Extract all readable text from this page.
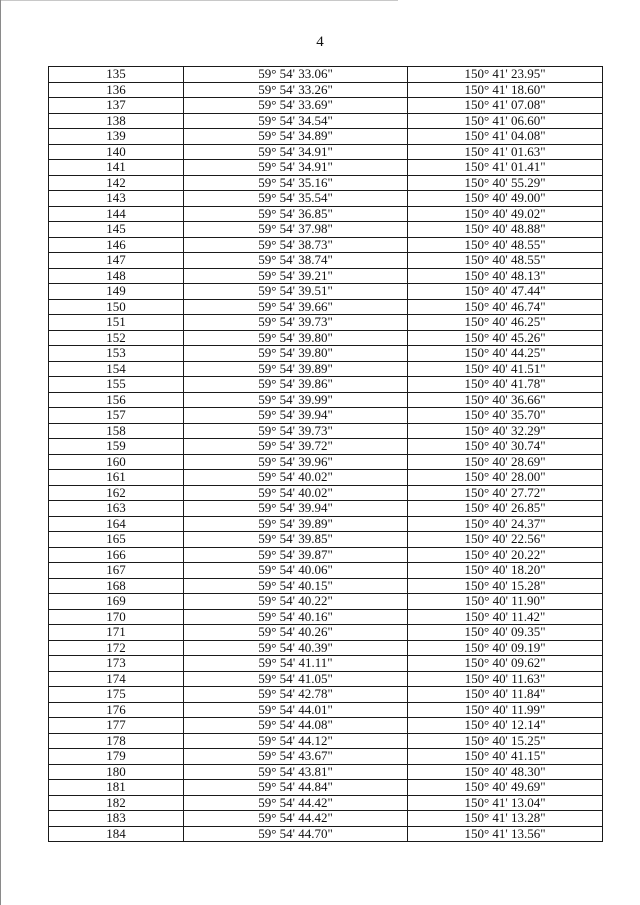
4
135	59° 54' 33.06"	150° 41' 23.95"
136	59° 54' 33.26"	150° 41' 18.60"
137	59° 54' 33.69"	150° 41' 07.08"
138	59° 54' 34.54"	150° 41' 06.60"
139	59° 54' 34.89"	150° 41' 04.08"
140	59° 54' 34.91"	150° 41' 01.63"
141	59° 54' 34.91"	150° 41' 01.41"
142	59° 54' 35.16"	150° 40' 55.29"
143	59° 54' 35.54"	150° 40' 49.00"
144	59° 54' 36.85"	150° 40' 49.02"
145	59° 54' 37.98"	150° 40' 48.88"
146	59° 54' 38.73"	150° 40' 48.55"
147	59° 54' 38.74"	150° 40' 48.55"
148	59° 54' 39.21"	150° 40' 48.13"
149	59° 54' 39.51"	150° 40' 47.44"
150	59° 54' 39.66"	150° 40' 46.74"
151	59° 54' 39.73"	150° 40' 46.25"
152	59° 54' 39.80"	150° 40' 45.26"
153	59° 54' 39.80"	150° 40' 44.25"
154	59° 54' 39.89"	150° 40' 41.51"
155	59° 54' 39.86"	150° 40' 41.78"
156	59° 54' 39.99"	150° 40' 36.66"
157	59° 54' 39.94"	150° 40' 35.70"
158	59° 54' 39.73"	150° 40' 32.29"
159	59° 54' 39.72"	150° 40' 30.74"
160	59° 54' 39.96"	150° 40' 28.69"
161	59° 54' 40.02"	150° 40' 28.00"
162	59° 54' 40.02"	150° 40' 27.72"
163	59° 54' 39.94"	150° 40' 26.85"
164	59° 54' 39.89"	150° 40' 24.37"
165	59° 54' 39.85"	150° 40' 22.56"
166	59° 54' 39.87"	150° 40' 20.22"
167	59° 54' 40.06"	150° 40' 18.20"
168	59° 54' 40.15"	150° 40' 15.28"
169	59° 54' 40.22"	150° 40' 11.90"
170	59° 54' 40.16"	150° 40' 11.42"
171	59° 54' 40.26"	150° 40' 09.35"
172	59° 54' 40.39"	150° 40' 09.19"
173	59° 54' 41.11"	150° 40' 09.62"
174	59° 54' 41.05"	150° 40' 11.63"
175	59° 54' 42.78"	150° 40' 11.84"
176	59° 54' 44.01"	150° 40' 11.99"
177	59° 54' 44.08"	150° 40' 12.14"
178	59° 54' 44.12"	150° 40' 15.25"
179	59° 54' 43.67"	150° 40' 41.15"
180	59° 54' 43.81"	150° 40' 48.30"
181	59° 54' 44.84"	150° 40' 49.69"
182	59° 54' 44.42"	150° 41' 13.04"
183	59° 54' 44.42"	150° 41' 13.28"
184	59° 54' 44.70"	150° 41' 13.56"
